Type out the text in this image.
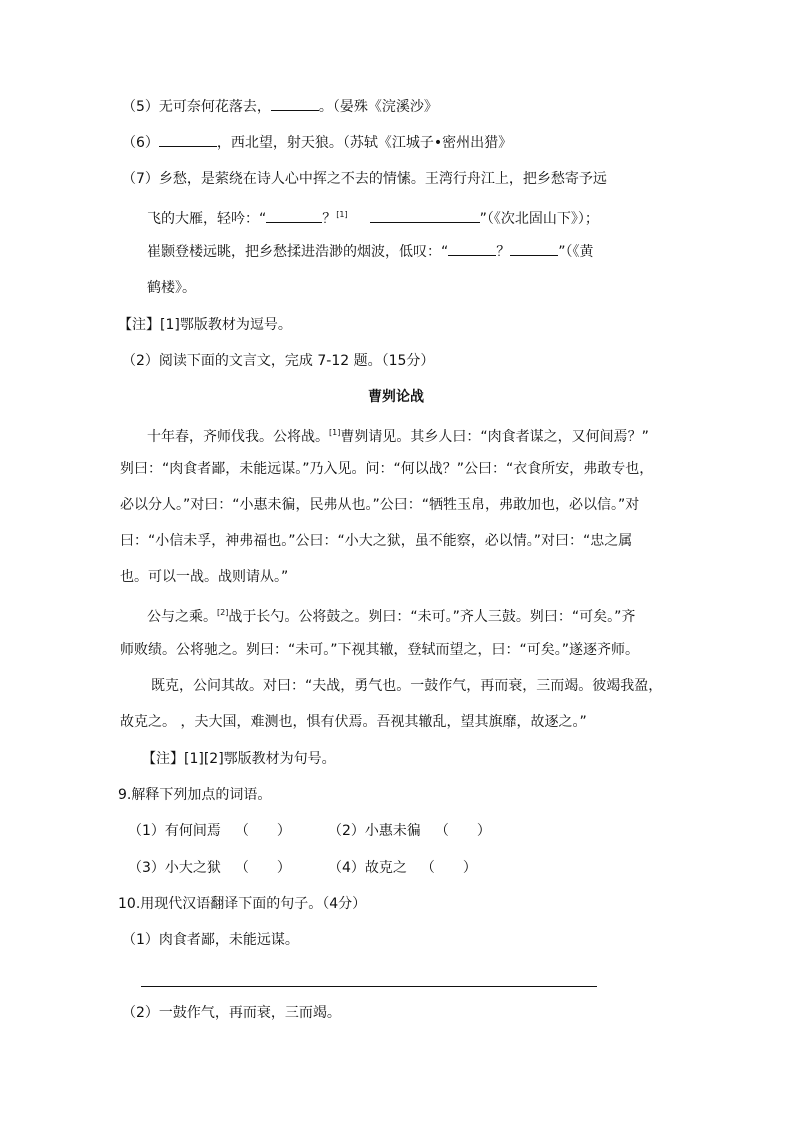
（5）无可奈何花落去，	。（晏殊《浣溪沙》
（6）	，西北望，射天狼。（苏轼《江城子•密州出猎》
（7）乡愁，是萦绕在诗人心中挥之不去的情愫。王湾行舟江上，把乡愁寄予远
飞的大雁，轻吟：“	？[1]	”（《次北固山下》）；
崔颢登楼远眺，把乡愁揉进浩渺的烟波，低叹：“	？	”（《黄
鹤楼》。
【注】[1]鄂版教材为逗号。
（2）阅读下面的文言文，完成 7-12 题。（15分）
曹刿论战
十年春，齐师伐我。公将战。[1]曹刿请见。其乡人曰：“肉食者谋之，又何间焉？”
刿曰：“肉食者鄙，未能远谋。”乃入见。问：“何以战？”公曰：“衣食所安，弗敢专也，
必以分人。”对曰：“小惠未徧，民弗从也。”公曰：“牺牲玉帛，弗敢加也，必以信。”对
曰：“小信未孚，神弗福也。”公曰：“小大之狱，虽不能察，必以情。”对曰：“忠之属
也。可以一战。战则请从。”
公与之乘。[2]战于长勺。公将鼓之。刿曰：“未可。”齐人三鼓。刿曰：“可矣。”齐
师败绩。公将驰之。刿曰：“未可。”下视其辙，登轼而望之，曰：“可矣。”遂逐齐师。
既克，公问其故。对曰：“夫战，勇气也。一鼓作气，再而衰，三而竭。彼竭我盈，
故克之。 ，夫大国，难测也，惧有伏焉。吾视其辙乱，望其旗靡，故逐之。”
【注】[1][2]鄂版教材为句号。
9.解释下列加点的词语。
（1）有何间焉 （　　）	（2）小惠未徧 （　　）
（3）小大之狱 （　　）	（4）故克之 （　　）
10.用现代汉语翻译下面的句子。（4分）
（1）肉食者鄙，未能远谋。
（2）一鼓作气，再而衰，三而竭。
